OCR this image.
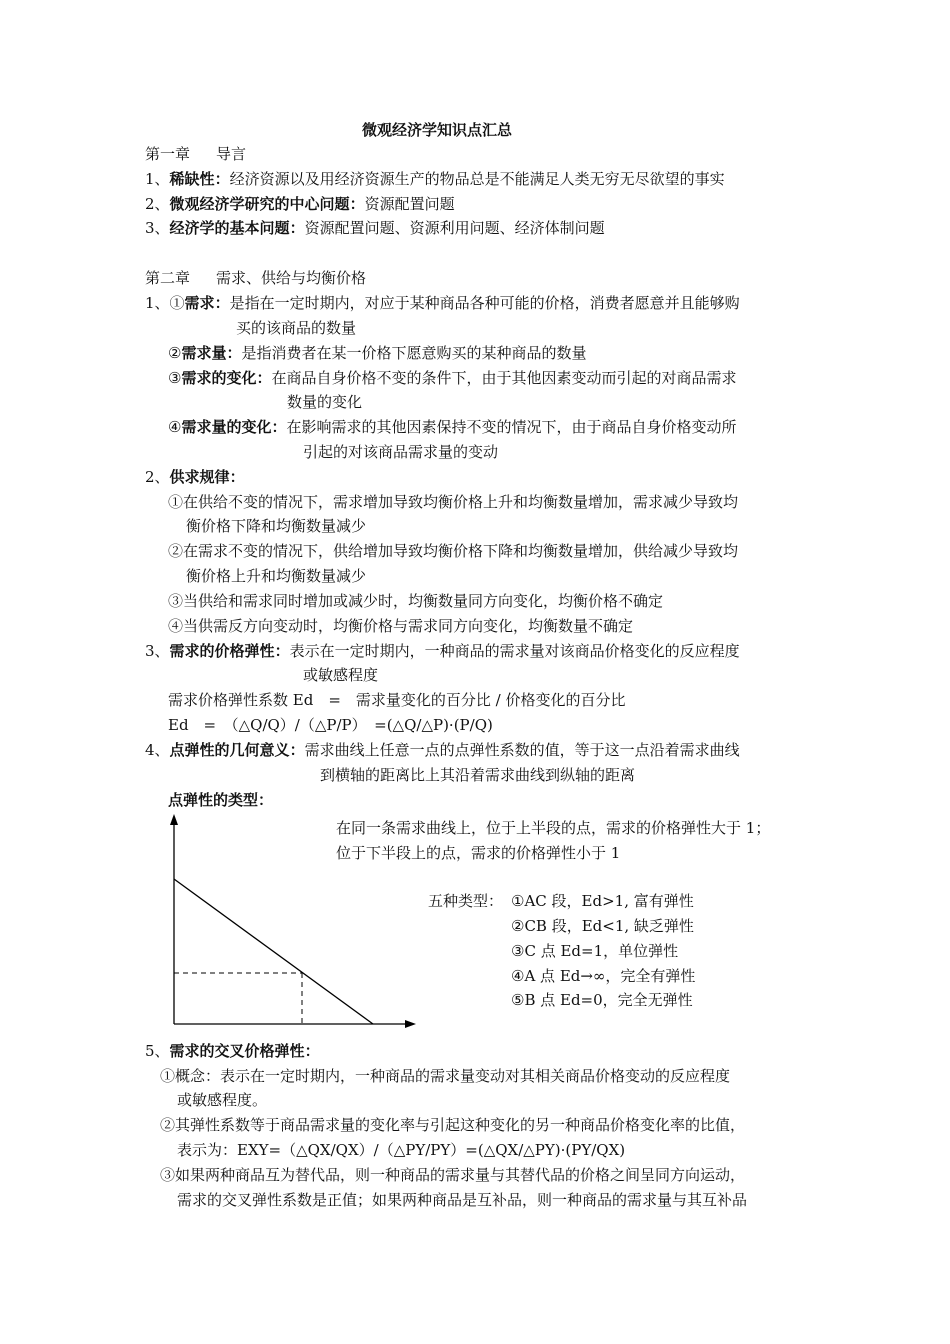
微观经济学知识点汇总
第一章 导言
1、稀缺性：经济资源以及用经济资源生产的物品总是不能满足人类无穷无尽欲望的事实
2、微观经济学研究的中心问题：资源配置问题
3、经济学的基本问题：资源配置问题、资源利用问题、经济体制问题
第二章 需求、供给与均衡价格
1、①需求：是指在一定时期内，对应于某种商品各种可能的价格，消费者愿意并且能够购
买的该商品的数量
②需求量：是指消费者在某一价格下愿意购买的某种商品的数量
③需求的变化：在商品自身价格不变的条件下，由于其他因素变动而引起的对商品需求
数量的变化
④需求量的变化：在影响需求的其他因素保持不变的情况下，由于商品自身价格变动所
引起的对该商品需求量的变动
2、供求规律：
①在供给不变的情况下，需求增加导致均衡价格上升和均衡数量增加，需求减少导致均
衡价格下降和均衡数量减少
②在需求不变的情况下，供给增加导致均衡价格下降和均衡数量增加，供给减少导致均
衡价格上升和均衡数量减少
③当供给和需求同时增加或减少时，均衡数量同方向变化，均衡价格不确定
④当供需反方向变动时，均衡价格与需求同方向变化，均衡数量不确定
3、需求的价格弹性：表示在一定时期内，一种商品的需求量对该商品价格变化的反应程度
或敏感程度
需求价格弹性系数 Ed　=　需求量变化的百分比 / 价格变化的百分比
Ed　=　（△Q/Q）/（△P/P）　=(△Q/△P)·(P/Q)
4、点弹性的几何意义：需求曲线上任意一点的点弹性系数的值，等于这一点沿着需求曲线
到横轴的距离比上其沿着需求曲线到纵轴的距离
点弹性的类型：
在同一条需求曲线上，位于上半段的点，需求的价格弹性大于 1；
位于下半段上的点，需求的价格弹性小于 1
五种类型： ①AC 段，Ed>1, 富有弹性
②CB 段，Ed<1, 缺乏弹性
③C 点 Ed=1，单位弹性
④A 点 Ed→∞，完全有弹性
⑤B 点 Ed=0，完全无弹性
5、需求的交叉价格弹性：
①概念：表示在一定时期内，一种商品的需求量变动对其相关商品价格变动的反应程度
或敏感程度。
②其弹性系数等于商品需求量的变化率与引起这种变化的另一种商品价格变化率的比值，
表示为：EXY=（△QX/QX）/（△PY/PY）=(△QX/△PY)·(PY/QX)
③如果两种商品互为替代品，则一种商品的需求量与其替代品的价格之间呈同方向运动，
需求的交叉弹性系数是正值；如果两种商品是互补品，则一种商品的需求量与其互补品
